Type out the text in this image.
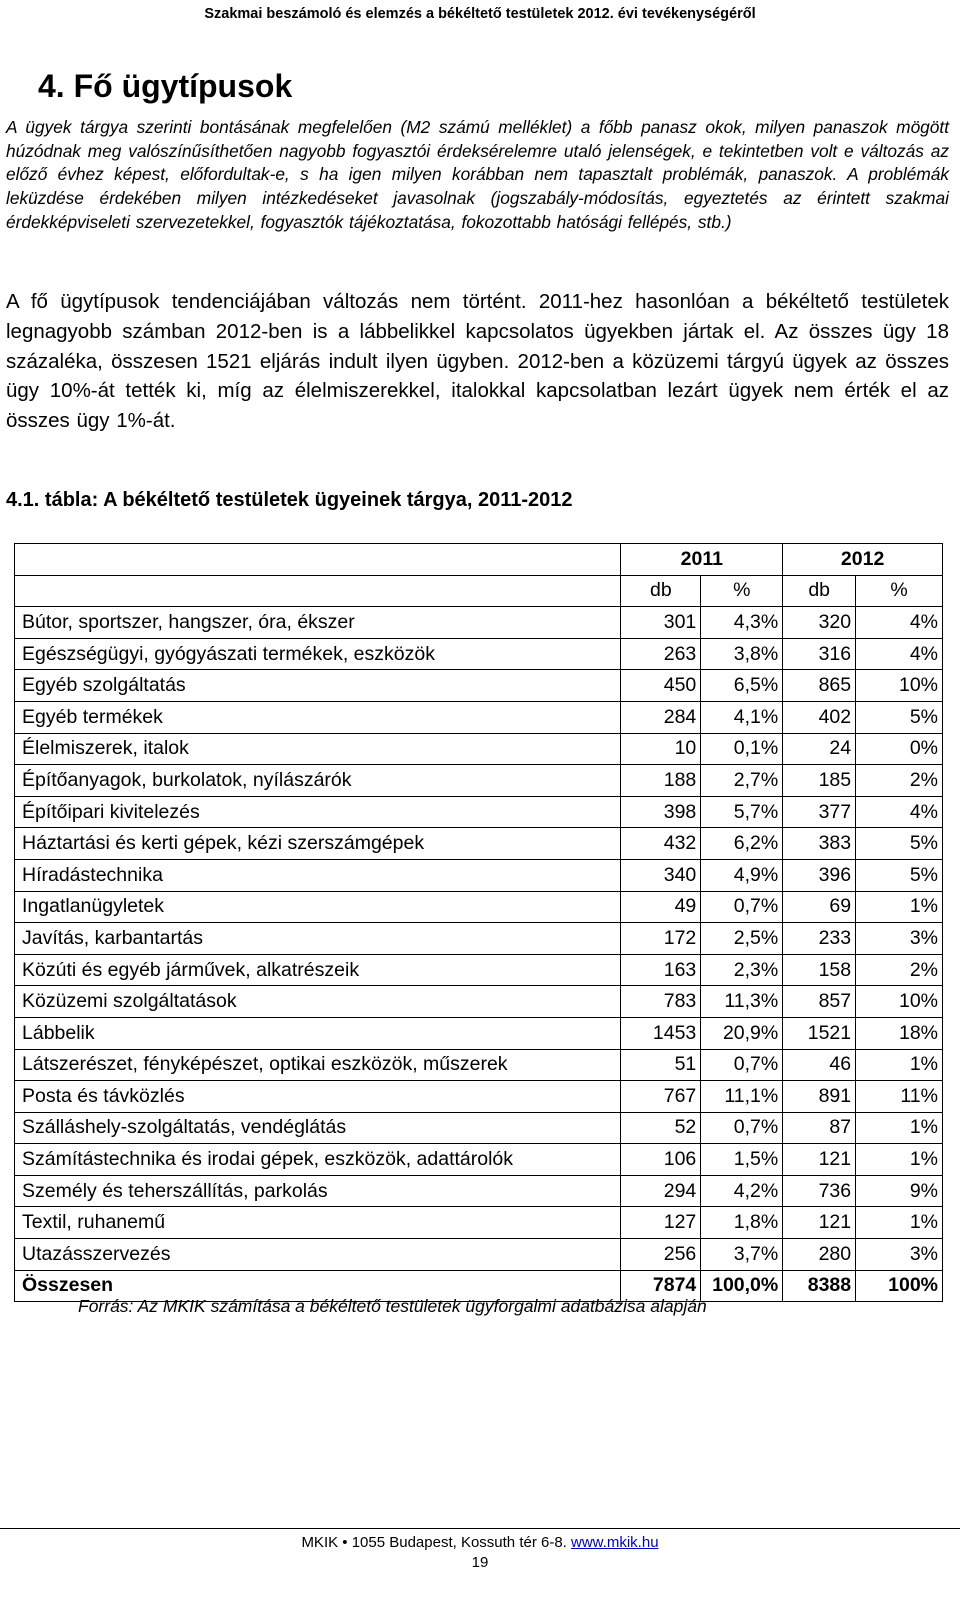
Szakmai beszámoló és elemzés a békéltető testületek 2012. évi tevékenységéről
4. Fő ügytípusok

A ügyek tárgya szerinti bontásának megfelelően (M2 számú melléklet) a főbb panasz okok, milyen panaszok mögött húzódnak meg valószínűsíthetően nagyobb fogyasztói érdeksérelemre utaló jelenségek, e tekintetben volt e változás az előző évhez képest, előfordultak-e, s ha igen milyen korábban nem tapasztalt problémák, panaszok. A problémák leküzdése érdekében milyen intézkedéseket javasolnak (jogszabály-módosítás, egyeztetés az érintett szakmai érdekképviseleti szervezetekkel, fogyasztók tájékoztatása, fokozottabb hatósági fellépés, stb.)

A fő ügytípusok tendenciájában változás nem történt. 2011-hez hasonlóan a békéltető testületek legnagyobb számban 2012-ben is a lábbelikkel kapcsolatos ügyekben jártak el. Az összes ügy 18 százaléka, összesen 1521 eljárás indult ilyen ügyben. 2012-ben a közüzemi tárgyú ügyek az összes ügy 10%-át tették ki, míg az élelmiszerekkel, italokkal kapcsolatban lezárt ügyek nem érték el az összes ügy 1%-át.

4.1. tábla: A békéltető testületek ügyeinek tárgya, 2011-2012

	2011		2012	
	db	%	db	%
Bútor, sportszer, hangszer, óra, ékszer	301	4,3%	320	4%
Egészségügyi, gyógyászati termékek, eszközök	263	3,8%	316	4%
Egyéb szolgáltatás	450	6,5%	865	10%
Egyéb termékek	284	4,1%	402	5%
Élelmiszerek, italok	10	0,1%	24	0%
Építőanyagok, burkolatok, nyílászárók	188	2,7%	185	2%
Építőipari kivitelezés	398	5,7%	377	4%
Háztartási és kerti gépek, kézi szerszámgépek	432	6,2%	383	5%
Híradástechnika	340	4,9%	396	5%
Ingatlanügyletek	49	0,7%	69	1%
Javítás, karbantartás	172	2,5%	233	3%
Közúti és egyéb járművek, alkatrészeik	163	2,3%	158	2%
Közüzemi szolgáltatások	783	11,3%	857	10%
Lábbelik	1453	20,9%	1521	18%
Látszerészet, fényképészet, optikai eszközök, műszerek	51	0,7%	46	1%
Posta és távközlés	767	11,1%	891	11%
Szálláshely-szolgáltatás, vendéglátás	52	0,7%	87	1%
Számítástechnika és irodai gépek, eszközök, adattárolók	106	1,5%	121	1%
Személy és teherszállítás, parkolás	294	4,2%	736	9%
Textil, ruhanemű	127	1,8%	121	1%
Utazásszervezés	256	3,7%	280	3%
Összesen	7874	100,0%	8388	100%

Forrás: Az MKIK számítása a békéltető testületek ügyforgalmi adatbázisa alapján

MKIK • 1055 Budapest, Kossuth tér 6-8. www.mkik.hu
19
